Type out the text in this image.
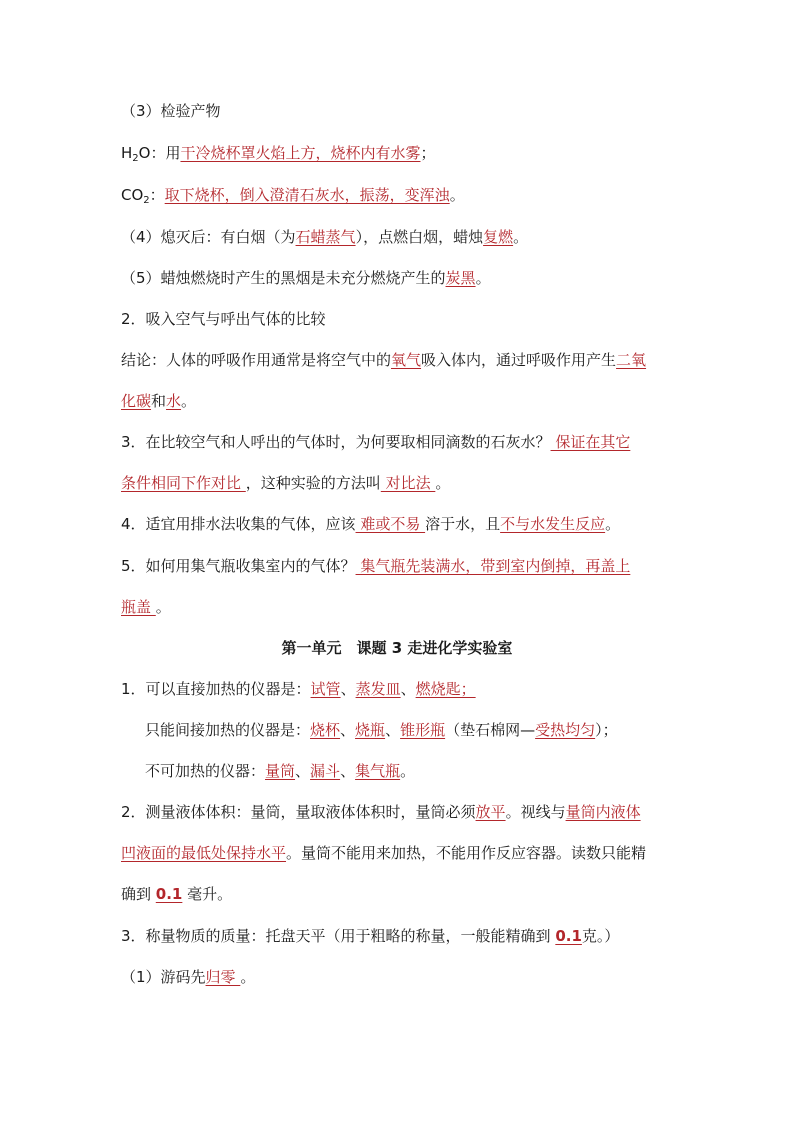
（3）检验产物
$H_2O$：用干冷烧杯罩火焰上方，烧杯内有水雾；
$CO_2$：取下烧杯，倒入澄清石灰水，振荡，变浑浊。
（4）熄灭后：有白烟（为石蜡蒸气），点燃白烟，蜡烛复燃。
（5）蜡烛燃烧时产生的黑烟是未充分燃烧产生的炭黑。
2．吸入空气与呼出气体的比较
结论：人体的呼吸作用通常是将空气中的氧气吸入体内，通过呼吸作用产生二氧
化碳和水。
3．在比较空气和人呼出的气体时，为何要取相同滴数的石灰水？ 保证在其它
条件相同下作对比 ，这种实验的方法叫 对比法 。
4．适宜用排水法收集的气体，应该 难或不易 溶于水，且不与水发生反应。
5．如何用集气瓶收集室内的气体？ 集气瓶先装满水，带到室内倒掉，再盖上
瓶盖 。
第一单元　课题 3 走进化学实验室
1．可以直接加热的仪器是：试管、蒸发皿、燃烧匙；
只能间接加热的仪器是：烧杯、烧瓶、锥形瓶（垫石棉网—受热均匀）；
不可加热的仪器：量筒、漏斗、集气瓶。
2．测量液体体积：量筒，量取液体体积时，量筒必须放平。视线与量筒内液体
凹液面的最低处保持水平。量筒不能用来加热，不能用作反应容器。读数只能精
确到 0.1 毫升。
3．称量物质的质量：托盘天平（用于粗略的称量，一般能精确到 0.1克。）
（1）游码先归零 。
